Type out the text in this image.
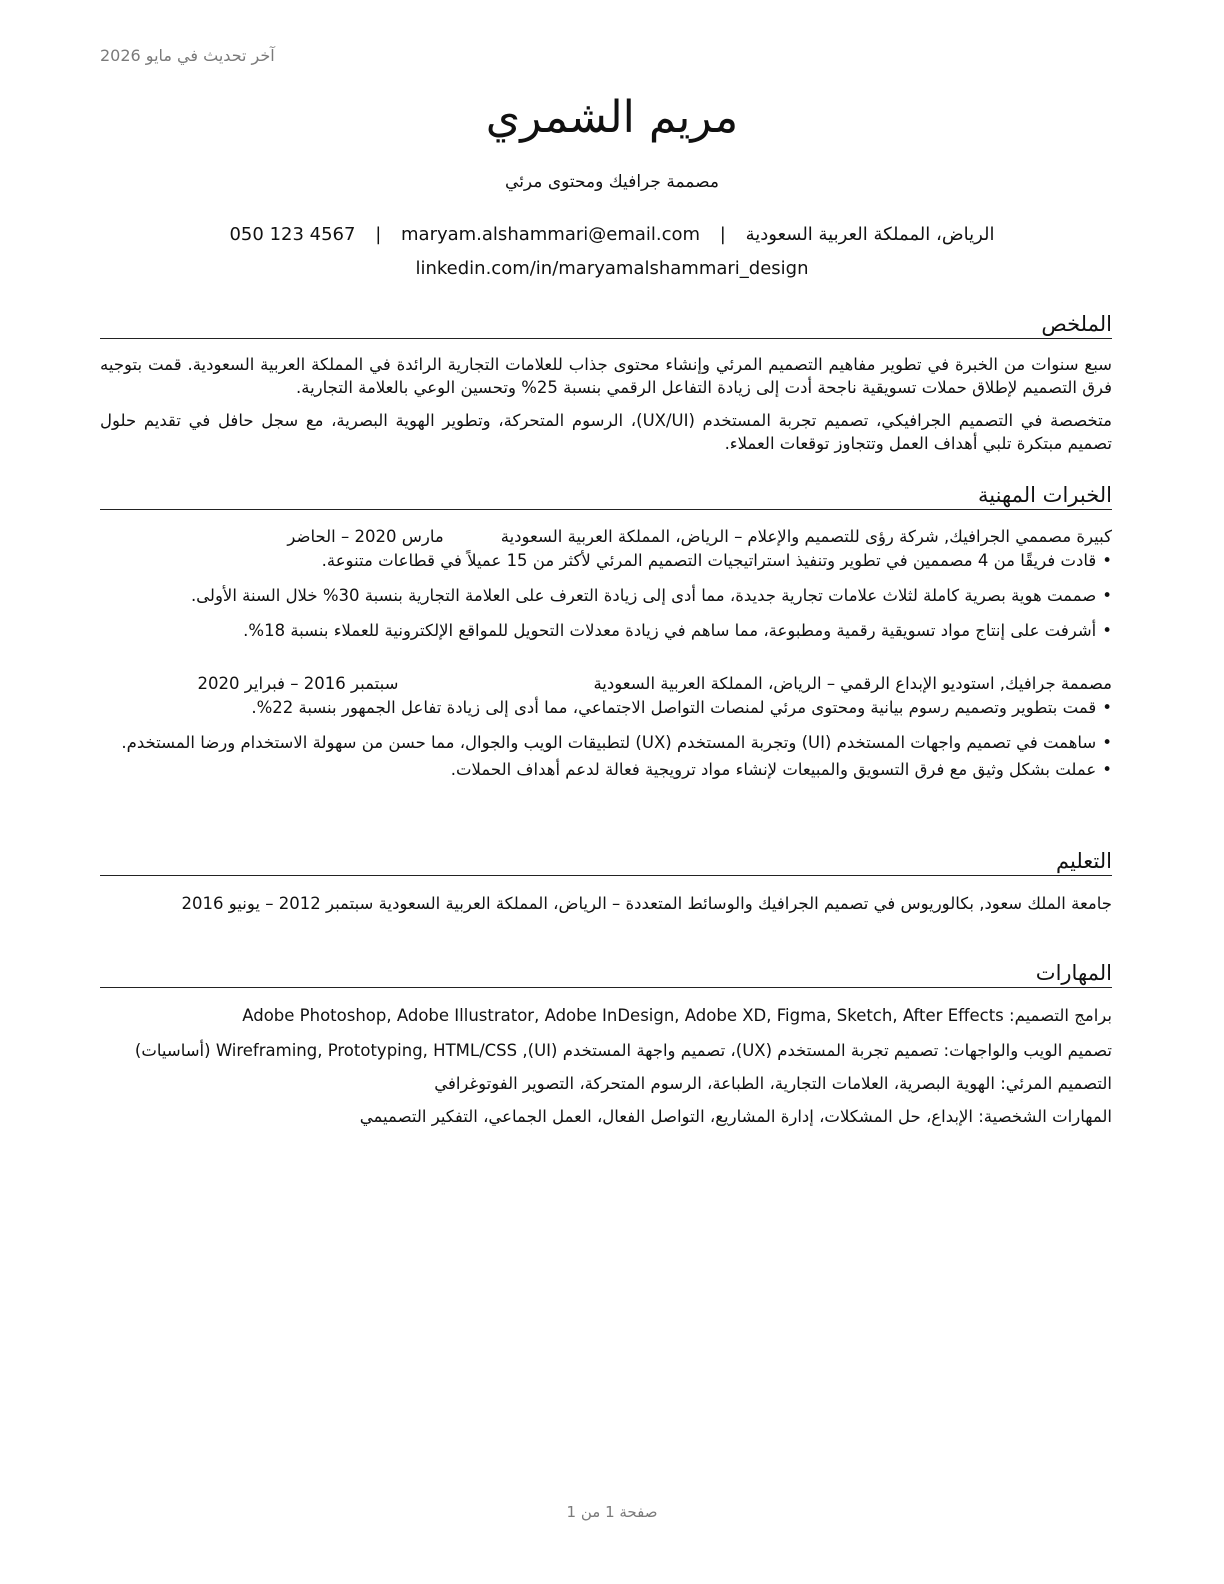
آخر تحديث في مايو 2026
مريم الشمري
مصممة جرافيك ومحتوى مرئي
الرياض، المملكة العربية السعودية | maryam.alshammari@email.com | 050 123 4567
linkedin.com/in/maryamalshammari_design
الملخص

سبع سنوات من الخبرة في تطوير مفاهيم التصميم المرئي وإنشاء محتوى جذاب للعلامات التجارية الرائدة في المملكة العربية السعودية. قمت بتوجيه فرق التصميم لإطلاق حملات تسويقية ناجحة أدت إلى زيادة التفاعل الرقمي بنسبة 25% وتحسين الوعي بالعلامة التجارية.

متخصصة في التصميم الجرافيكي، تصميم تجربة المستخدم (UX/UI)، الرسوم المتحركة، وتطوير الهوية البصرية، مع سجل حافل في تقديم حلول تصميم مبتكرة تلبي أهداف العمل وتتجاوز توقعات العملاء.

الخبرات المهنية
كبيرة مصممي الجرافيك, شركة رؤى للتصميم والإعلام
– الرياض، المملكة العربية السعودية
مارس 2020 – الحاضر
•قادت فريقًا من 4 مصممين في تطوير وتنفيذ استراتيجيات التصميم المرئي لأكثر من 15 عميلاً في قطاعات متنوعة.
•صممت هوية بصرية كاملة لثلاث علامات تجارية جديدة، مما أدى إلى زيادة التعرف على العلامة التجارية بنسبة 30% خلال السنة الأولى.
•أشرفت على إنتاج مواد تسويقية رقمية ومطبوعة، مما ساهم في زيادة معدلات التحويل للمواقع الإلكترونية للعملاء بنسبة 18%.
مصممة جرافيك, استوديو الإبداع الرقمي
– الرياض، المملكة العربية السعودية
سبتمبر 2016 – فبراير 2020
•قمت بتطوير وتصميم رسوم بيانية ومحتوى مرئي لمنصات التواصل الاجتماعي، مما أدى إلى زيادة تفاعل الجمهور بنسبة 22%.
•ساهمت في تصميم واجهات المستخدم (UI) وتجربة المستخدم (UX) لتطبيقات الويب والجوال، مما حسن من سهولة الاستخدام ورضا المستخدم.
•عملت بشكل وثيق مع فرق التسويق والمبيعات لإنشاء مواد ترويجية فعالة لدعم أهداف الحملات.
التعليم

جامعة الملك سعود, بكالوريوس في تصميم الجرافيك والوسائط المتعددة – الرياض، المملكة العربية السعودية سبتمبر 2012 – يونيو 2016

المهارات

برامج التصميم: Adobe Photoshop, Adobe Illustrator, Adobe InDesign, Adobe XD, Figma, Sketch, After Effects

تصميم الويب والواجهات: تصميم تجربة المستخدم (UX)، تصميم واجهة المستخدم (UI), Wireframing, Prototyping, HTML/CSS (أساسيات)

التصميم المرئي: الهوية البصرية، العلامات التجارية، الطباعة، الرسوم المتحركة، التصوير الفوتوغرافي

المهارات الشخصية: الإبداع، حل المشكلات، إدارة المشاريع، التواصل الفعال، العمل الجماعي، التفكير التصميمي

صفحة 1 من 1
